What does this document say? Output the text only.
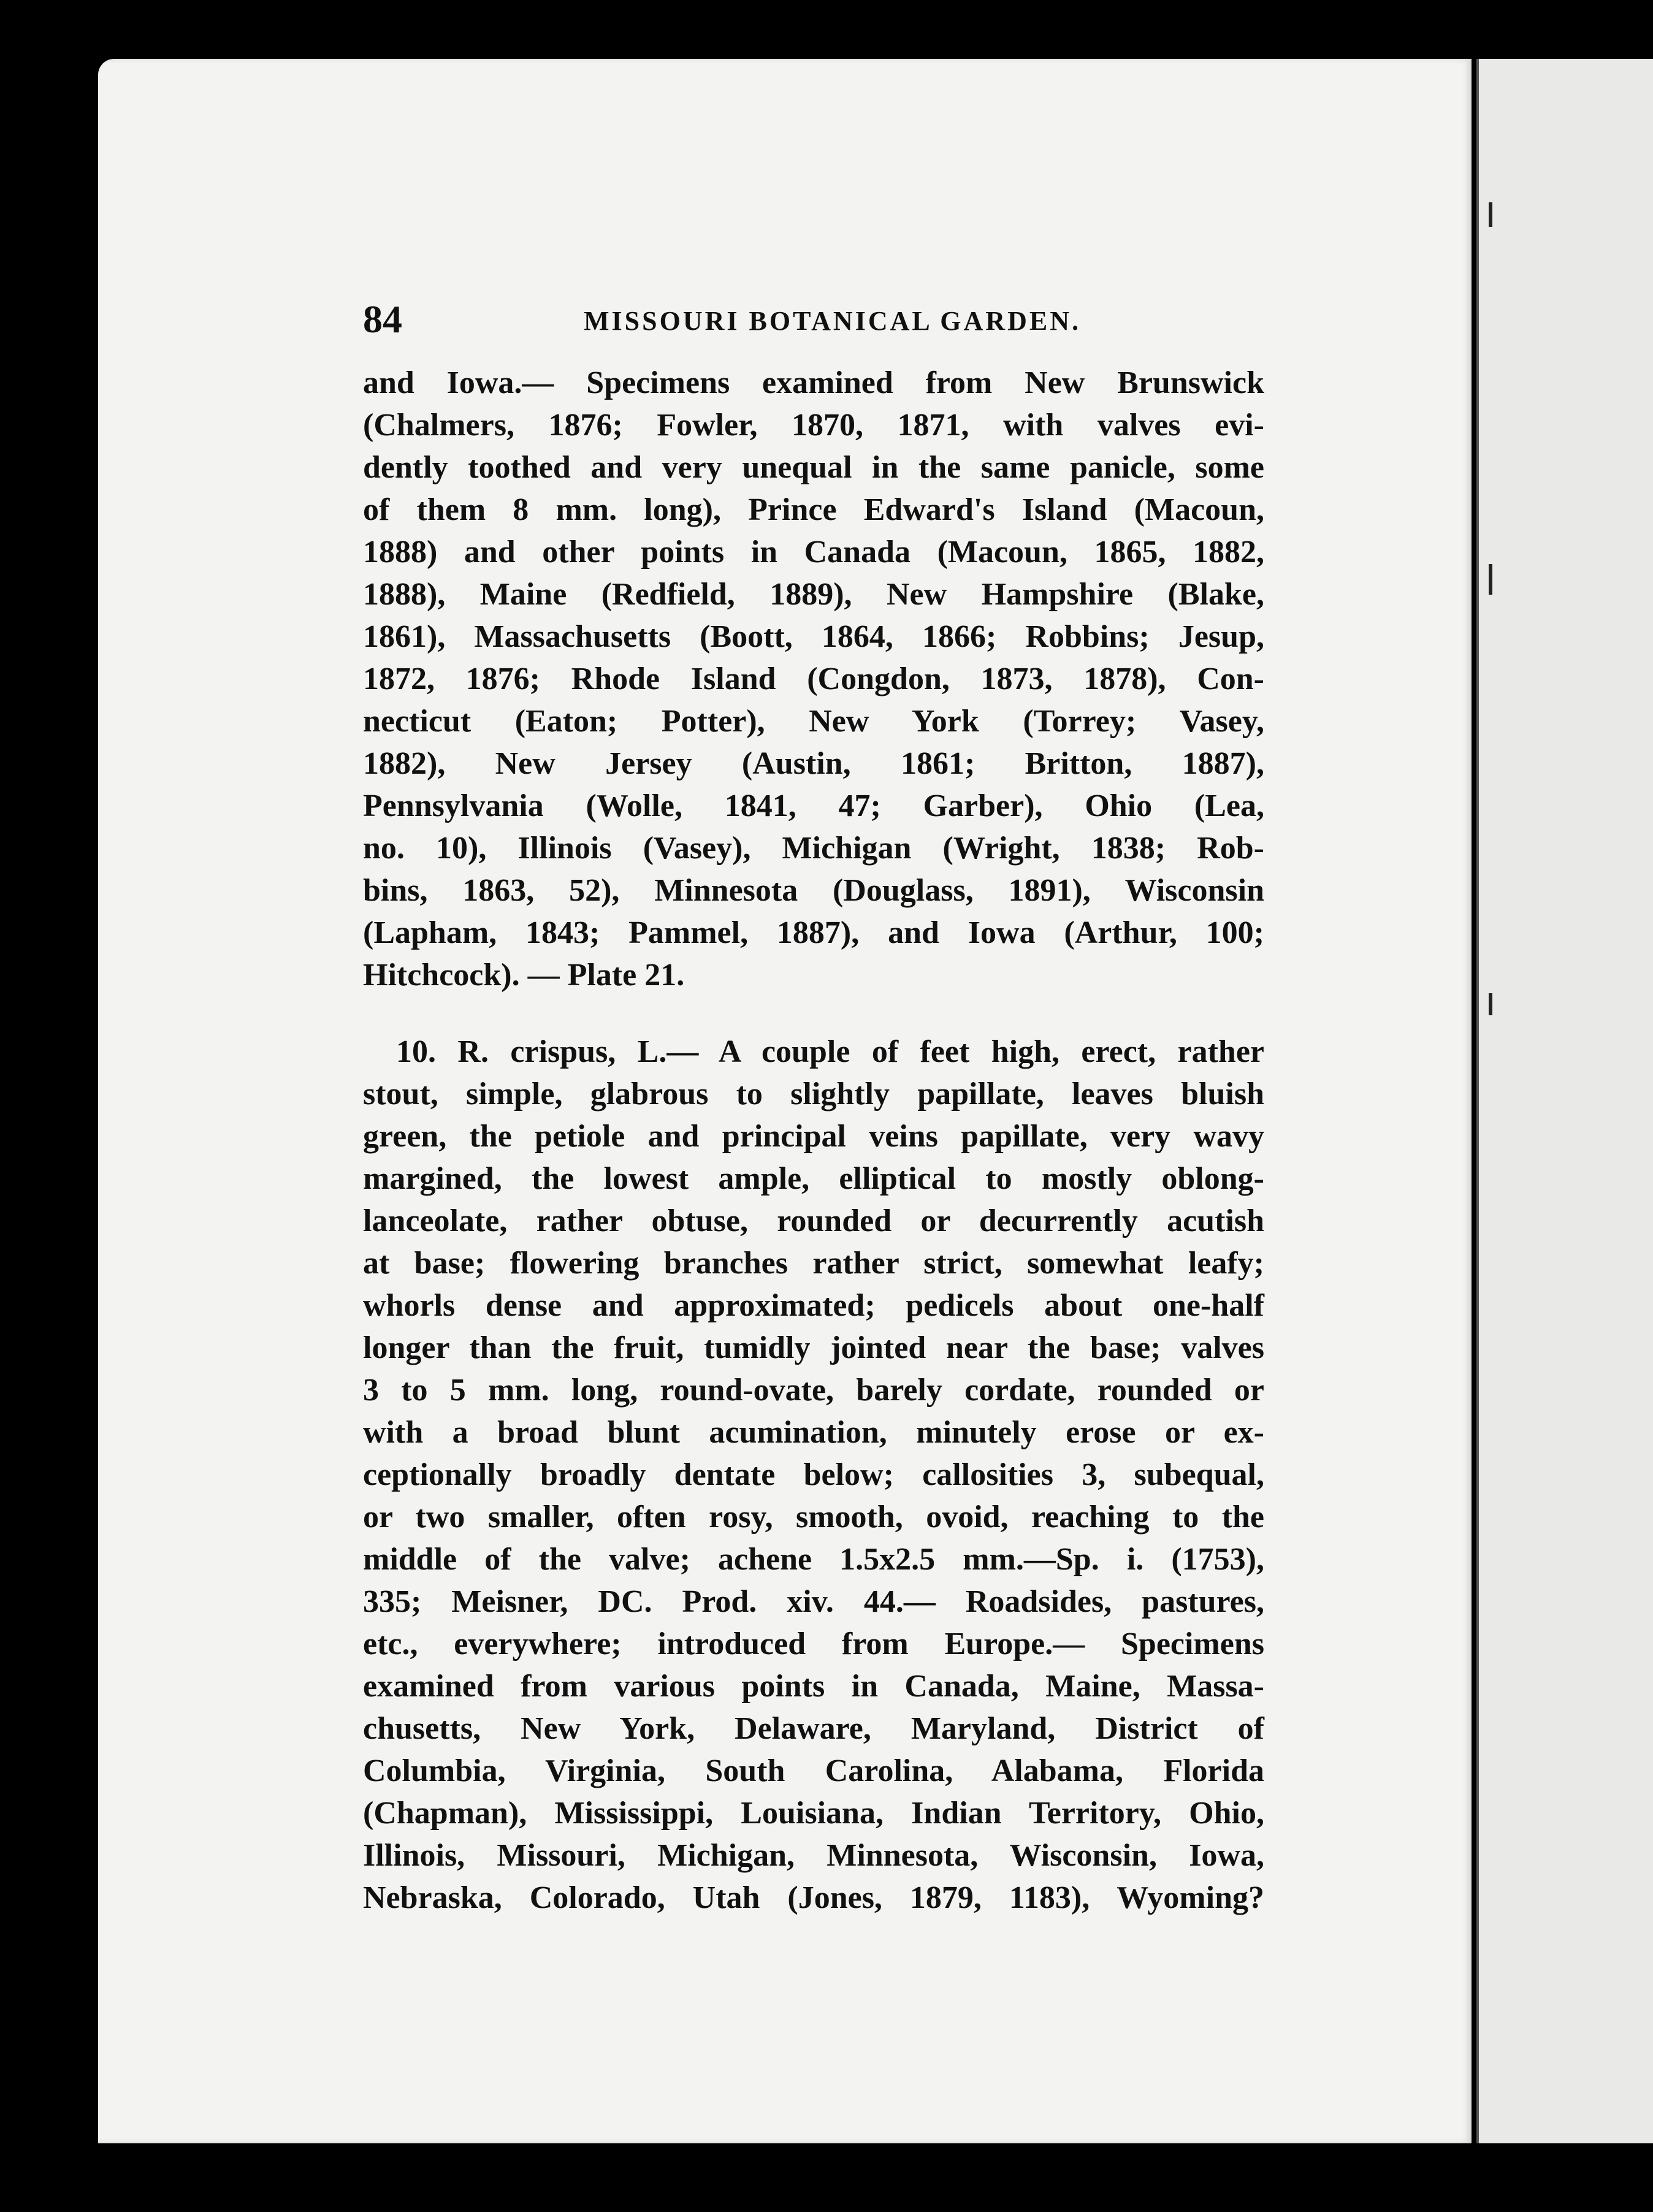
84	MISSOURI BOTANICAL GARDEN.
and Iowa.— Specimens examined from New Brunswick
(Chalmers, 1876; Fowler, 1870, 1871, with valves evi-
dently toothed and very unequal in the same panicle, some
of them 8 mm. long), Prince Edward's Island (Macoun,
1888) and other points in Canada (Macoun, 1865, 1882,
1888), Maine (Redfield, 1889), New Hampshire (Blake,
1861), Massachusetts (Boott, 1864, 1866; Robbins; Jesup,
1872, 1876; Rhode Island (Congdon, 1873, 1878), Con-
necticut (Eaton; Potter), New York (Torrey; Vasey,
1882), New Jersey (Austin, 1861; Britton, 1887),
Pennsylvania (Wolle, 1841, 47; Garber), Ohio (Lea,
no. 10), Illinois (Vasey), Michigan (Wright, 1838; Rob-
bins, 1863, 52), Minnesota (Douglass, 1891), Wisconsin
(Lapham, 1843; Pammel, 1887), and Iowa (Arthur, 100;
Hitchcock). — Plate 21.
10. R. crispus, L.— A couple of feet high, erect, rather
stout, simple, glabrous to slightly papillate, leaves bluish
green, the petiole and principal veins papillate, very wavy
margined, the lowest ample, elliptical to mostly oblong-
lanceolate, rather obtuse, rounded or decurrently acutish
at base; flowering branches rather strict, somewhat leafy;
whorls dense and approximated; pedicels about one-half
longer than the fruit, tumidly jointed near the base; valves
3 to 5 mm. long, round-ovate, barely cordate, rounded or
with a broad blunt acumination, minutely erose or ex-
ceptionally broadly dentate below; callosities 3, subequal,
or two smaller, often rosy, smooth, ovoid, reaching to the
middle of the valve; achene 1.5x2.5 mm.—Sp. i. (1753),
335; Meisner, DC. Prod. xiv. 44.— Roadsides, pastures,
etc., everywhere; introduced from Europe.— Specimens
examined from various points in Canada, Maine, Massa-
chusetts, New York, Delaware, Maryland, District of
Columbia, Virginia, South Carolina, Alabama, Florida
(Chapman), Mississippi, Louisiana, Indian Territory, Ohio,
Illinois, Missouri, Michigan, Minnesota, Wisconsin, Iowa,
Nebraska, Colorado, Utah (Jones, 1879, 1183), Wyoming?
